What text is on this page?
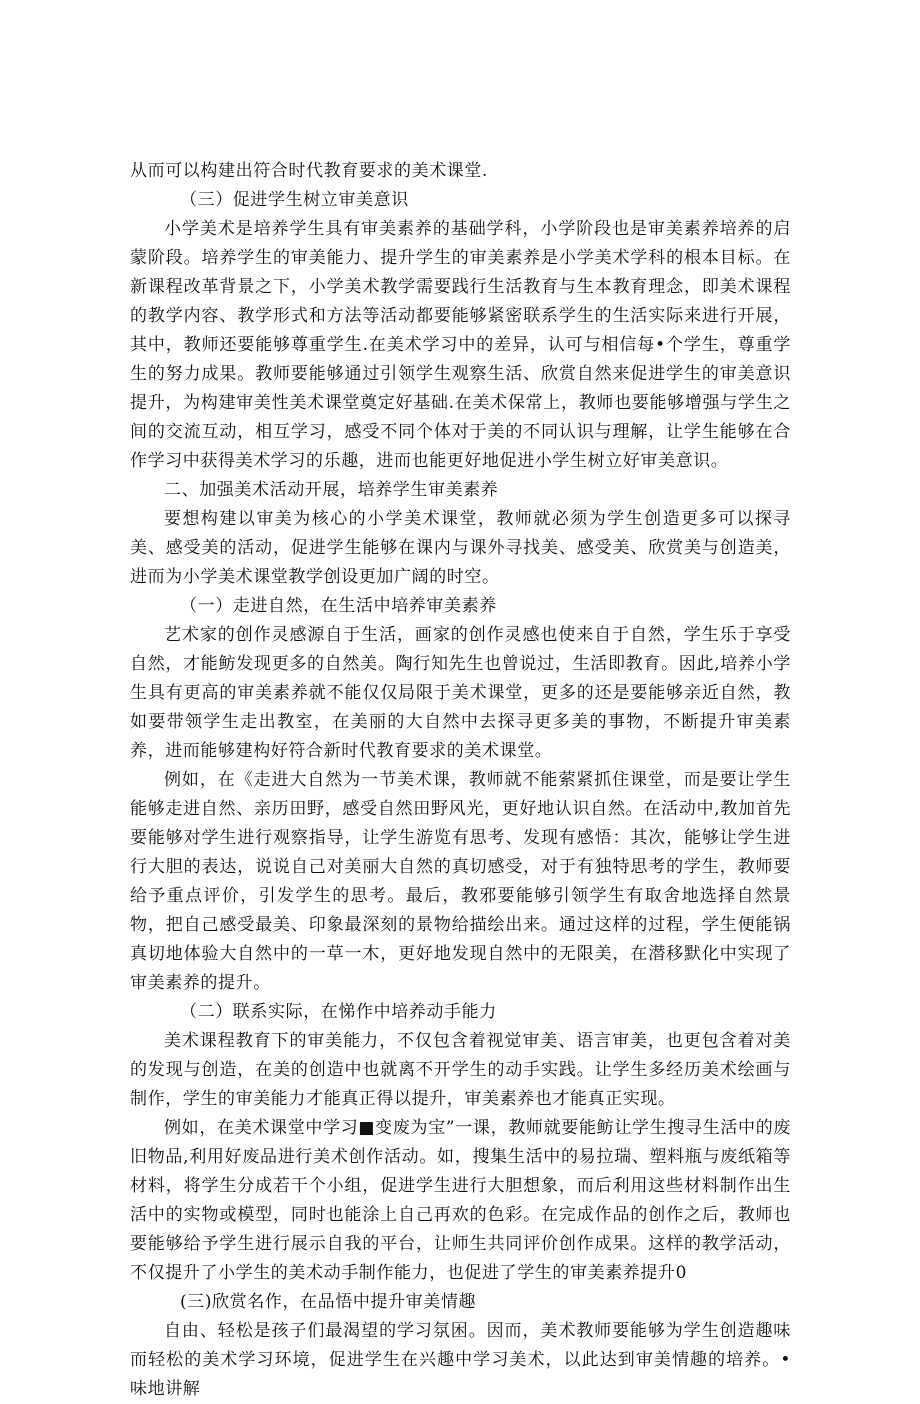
从而可以构建出符合时代教育要求的美术课堂.

（三）促进学生树立审美意识

小学美术是培养学生具有审美素养的基础学科，小学阶段也是审美素养培养的启蒙阶段。培养学生的审美能力、提升学生的审美素养是小学美术学科的根本目标。在新课程改革背景之下，小学美术教学需要践行生活教育与生本教育理念，即美术课程的教学内容、教学形式和方法等活动都要能够紧密联系学生的生活实际来进行开展，其中，教师还要能够尊重学生.在美术学习中的差异，认可与相信每•个学生，尊重学生的努力成果。教师要能够通过引领学生观察生活、欣赏自然来促进学生的审美意识提升，为构建审美性美术课堂奠定好基础.在美术保常上，教师也要能够增强与学生之间的交流互动，相互学习，感受不同个体对于美的不同认识与理解，让学生能够在合作学习中获得美术学习的乐趣，进而也能更好地促进小学生树立好审美意识。

二、加强美术活动开展，培养学生审美素养

要想构建以审美为核心的小学美术课堂，教师就必须为学生创造更多可以探寻美、感受美的活动，促进学生能够在课内与课外寻找美、感受美、欣赏美与创造美，进而为小学美术课堂教学创设更加广阔的时空。

（一）走进自然，在生活中培养审美素养

艺术家的创作灵感源自于生活，画家的创作灵感也使来自于自然，学生乐于享受自然，才能鲂发现更多的自然美。陶行知先生也曾说过，生活即教育。因此,培养小学生具有更高的审美素养就不能仅仅局限于美术课堂，更多的还是要能够亲近自然，教如要带领学生走出教室，在美丽的大自然中去探寻更多美的事物，不断提升审美素养，进而能够建构好符合新时代教育要求的美术课堂。

例如，在《走进大自然为一节美术课，教师就不能萦紧抓住课堂，而是要让学生能够走进自然、亲历田野，感受自然田野风光，更好地认识自然。在活动中,教加首先要能够对学生进行观察指导，让学生游览有思考、发现有感悟：其次，能够让学生进行大胆的表达，说说自己对美丽大自然的真切感受，对于有独特思考的学生，教师要给予重点评价，引发学生的思考。最后，教邪要能够引领学生有取舍地选择自然景物，把自己感受最美、印象最深刻的景物给描绘出来。通过这样的过程，学生便能锅真切地体验大自然中的一草一木，更好地发现自然中的无限美，在潜移默化中实现了审美素养的提升。

（二）联系实际，在悌作中培养动手能力

美术课程教育下的审美能力，不仅包含着视觉审美、语言审美，也更包含着对美的发现与创造，在美的创造中也就离不开学生的动手实践。让学生多经历美术绘画与制作，学生的审美能力才能真正得以提升，审美素养也才能真正实现。

例如，在美术课堂中学习■变废为宝”一课，教师就要能鲂让学生搜寻生活中的废旧物品,利用好废品进行美术创作活动。如，搜集生活中的易拉瑞、塑料瓶与废纸箱等材料，将学生分成若干个小组，促进学生进行大胆想象，而后利用这些材料制作出生活中的实物或模型，同时也能涂上自己再欢的色彩。在完成作品的创作之后，教师也要能够给予学生进行展示自我的平台，让师生共同评价创作成果。这样的教学活动，不仅提升了小学生的美术动手制作能力，也促进了学生的审美素养提升0

(三)欣赏名作，在品悟中提升审美情趣

自由、轻松是孩子们最渴望的学习氛困。因而，美术教师要能够为学生创造趣味而轻松的美术学习环境，促进学生在兴趣中学习美术，以此达到审美情趣的培养。•味地讲解
